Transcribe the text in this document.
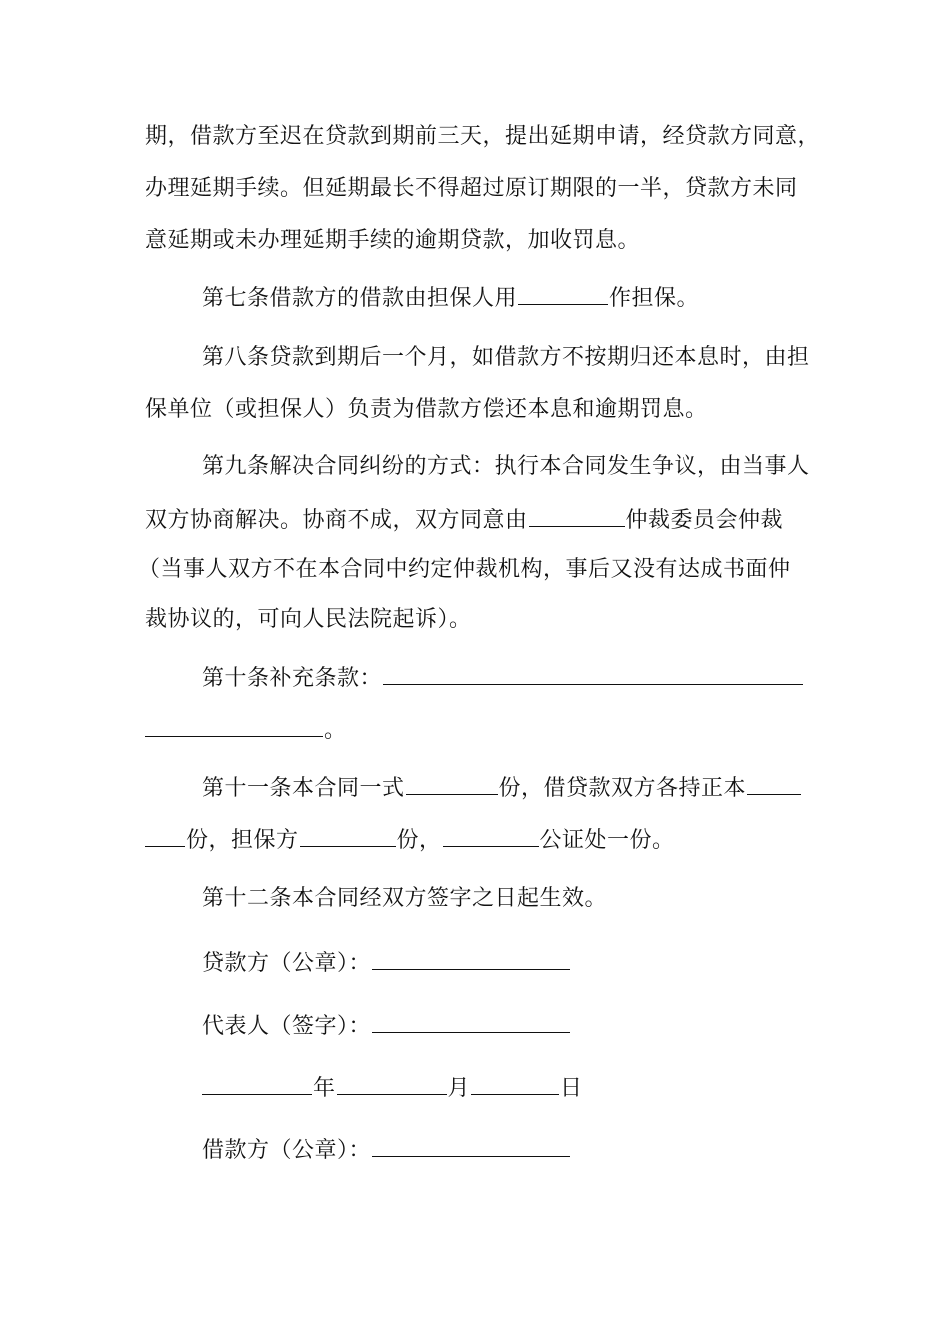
期，借款方至迟在贷款到期前三天，提出延期申请，经贷款方同意，
办理延期手续。但延期最长不得超过原订期限的一半，贷款方未同
意延期或未办理延期手续的逾期贷款，加收罚息。
第七条借款方的借款由担保人用	作担保。
第八条贷款到期后一个月，如借款方不按期归还本息时，由担
保单位（或担保人）负责为借款方偿还本息和逾期罚息。
第九条解决合同纠纷的方式：执行本合同发生争议，由当事人
双方协商解决。协商不成，双方同意由	仲裁委员会仲裁
（当事人双方不在本合同中约定仲裁机构，事后又没有达成书面仲
裁协议的，可向人民法院起诉）。
第十条补充条款：
。
第十一条本合同一式	份，借贷款双方各持正本
份，担保方	份，	公证处一份。
第十二条本合同经双方签字之日起生效。
贷款方（公章）：
代表人（签字）：
年	月	日
借款方（公章）：
